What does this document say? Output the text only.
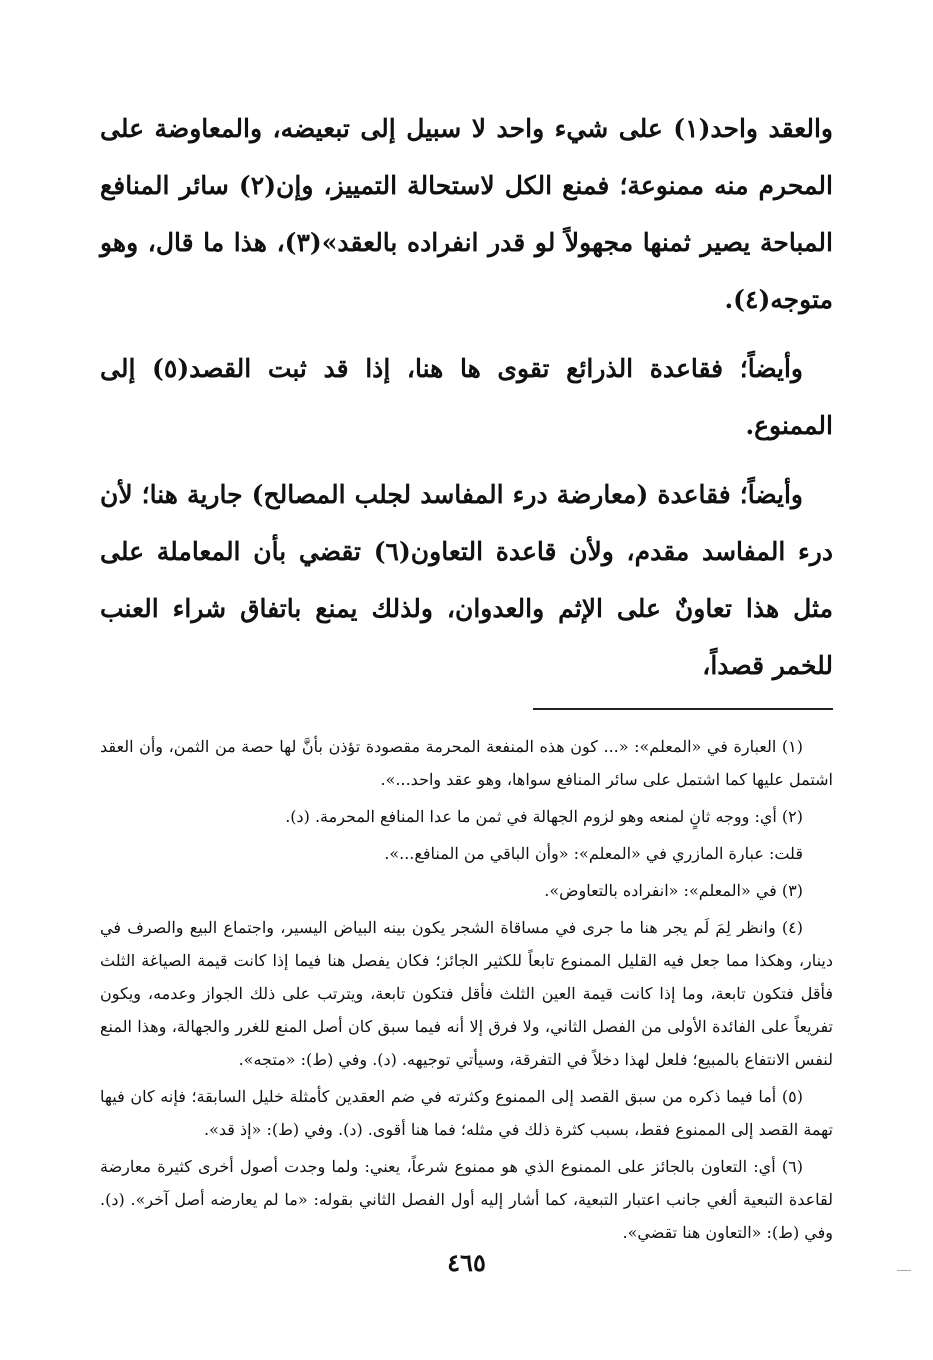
والعقد واحد(١) على شيء واحد لا سبيل إلى تبعيضه، والمعاوضة على المحرم منه ممنوعة؛ فمنع الكل لاستحالة التمييز، وإن(٢) سائر المنافع المباحة يصير ثمنها مجهولاً لو قدر انفراده بالعقد»(٣)، هذا ما قال، وهو متوجه(٤).

وأيضاً؛ فقاعدة الذرائع تقوى ها هنا، إذا قد ثبت القصد(٥) إلى الممنوع.

وأيضاً؛ فقاعدة (معارضة درء المفاسد لجلب المصالح) جارية هنا؛ لأن درء المفاسد مقدم، ولأن قاعدة التعاون(٦) تقضي بأن المعاملة على مثل هذا تعاونٌ على الإثم والعدوان، ولذلك يمنع باتفاق شراء العنب للخمر قصداً،

(١) العبارة في «المعلم»: «... كون هذه المنفعة المحرمة مقصودة تؤذن بأنَّ لها حصة من الثمن، وأن العقد اشتمل عليها كما اشتمل على سائر المنافع سواها، وهو عقد واحد...».

(٢) أي: ووجه ثانٍ لمنعه وهو لزوم الجهالة في ثمن ما عدا المنافع المحرمة. (د).

قلت: عبارة المازري في «المعلم»: «وأن الباقي من المنافع...».

(٣) في «المعلم»: «انفراده بالتعاوض».

(٤) وانظر لِمَ لَم يجر هنا ما جرى في مساقاة الشجر يكون بينه البياض اليسير، واجتماع البيع والصرف في دينار، وهكذا مما جعل فيه القليل الممنوع تابعاً للكثير الجائز؛ فكان يفصل هنا فيما إذا كانت قيمة الصياغة الثلث فأقل فتكون تابعة، وما إذا كانت قيمة العين الثلث فأقل فتكون تابعة، ويترتب على ذلك الجواز وعدمه، ويكون تفريعاً على الفائدة الأولى من الفصل الثاني، ولا فرق إلا أنه فيما سبق كان أصل المنع للغرر والجهالة، وهذا المنع لنفس الانتفاع بالمبيع؛ فلعل لهذا دخلاً في التفرقة، وسيأتي توجيهه. (د). وفي (ط): «متجه».

(٥) أما فيما ذكره من سبق القصد إلى الممنوع وكثرته في ضم العقدين كأمثلة خليل السابقة؛ فإنه كان فيها تهمة القصد إلى الممنوع فقط، بسبب كثرة ذلك في مثله؛ فما هنا أقوى. (د). وفي (ط): «إذ قد».

(٦) أي: التعاون بالجائز على الممنوع الذي هو ممنوع شرعاً، يعني: ولما وجدت أصول أخرى كثيرة معارضة لقاعدة التبعية ألغي جانب اعتبار التبعية، كما أشار إليه أول الفصل الثاني بقوله: «ما لم يعارضه أصل آخر». (د). وفي (ط): «التعاون هنا تقضي».

٤٦٥
